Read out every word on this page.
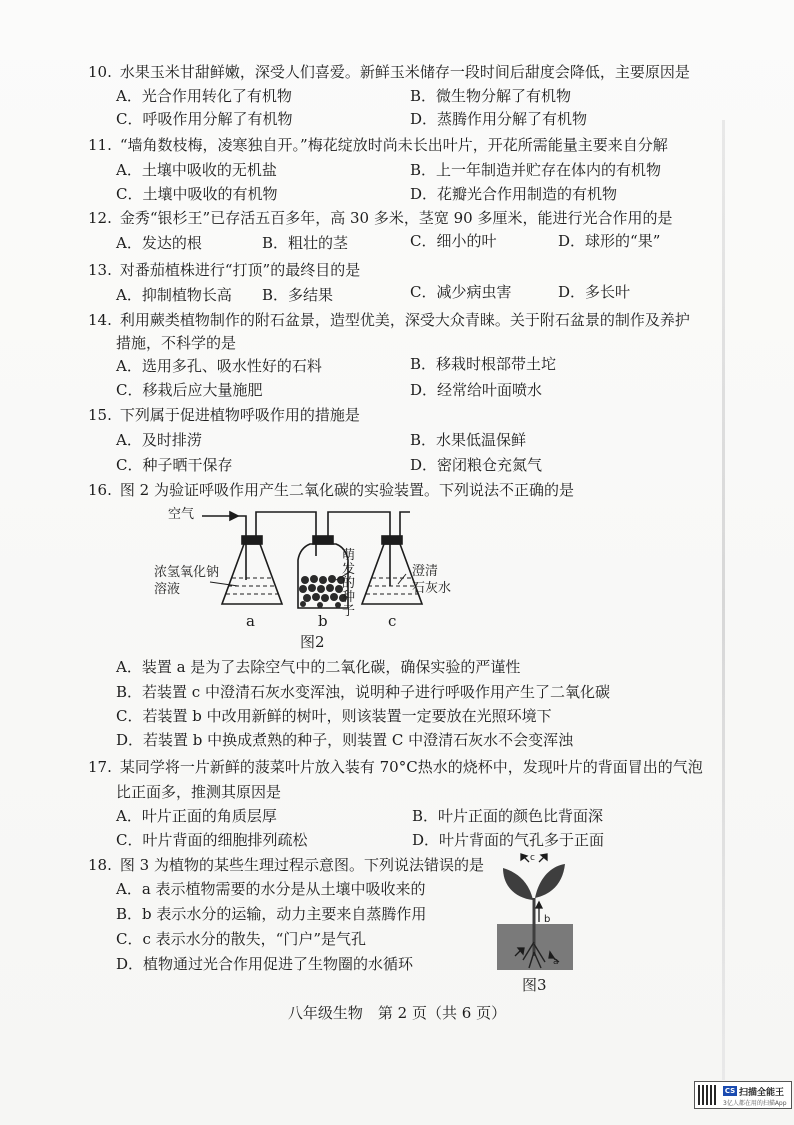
10. 水果玉米甘甜鲜嫩，深受人们喜爱。新鲜玉米储存一段时间后甜度会降低，主要原因是
A．光合作用转化了有机物	B．微生物分解了有机物
C．呼吸作用分解了有机物	D．蒸腾作用分解了有机物
11. “墙角数枝梅，凌寒独自开。”梅花绽放时尚未长出叶片，开花所需能量主要来自分解
A．土壤中吸收的无机盐	B．上一年制造并贮存在体内的有机物
C．土壤中吸收的有机物	D．花瓣光合作用制造的有机物
12. 金秀“银杉王”已存活五百多年，高 30 多米，茎宽 90 多厘米，能进行光合作用的是
A．发达的根	B．粗壮的茎	C．细小的叶	D．球形的“果”
13. 对番茄植株进行“打顶”的最终目的是
A．抑制植物长高 B．多结果	C．减少病虫害	D．多长叶
14. 利用蕨类植物制作的附石盆景，造型优美，深受大众青睐。关于附石盆景的制作及养护
措施，不科学的是
A．选用多孔、吸水性好的石料	B．移栽时根部带土坨
C．移栽后应大量施肥	D．经常给叶面喷水
15. 下列属于促进植物呼吸作用的措施是
A．及时排涝	B．水果低温保鲜
C．种子晒干保存	D．密闭粮仓充氮气
16. 图 2 为验证呼吸作用产生二氧化碳的实验装置。下列说法不正确的是
空气
浓氢氧化钠
溶液
萌
发
的
种
子
澄清
石灰水
a	b	c
图2
A．装置 a 是为了去除空气中的二氧化碳，确保实验的严谨性
B．若装置 c 中澄清石灰水变浑浊，说明种子进行呼吸作用产生了二氧化碳
C．若装置 b 中改用新鲜的树叶，则该装置一定要放在光照环境下
D．若装置 b 中换成煮熟的种子，则装置 C 中澄清石灰水不会变浑浊
17. 某同学将一片新鲜的菠菜叶片放入装有 70°C热水的烧杯中，发现叶片的背面冒出的气泡
比正面多，推测其原因是
A．叶片正面的角质层厚	B．叶片正面的颜色比背面深
C．叶片背面的细胞排列疏松	D．叶片背面的气孔多于正面
18. 图 3 为植物的某些生理过程示意图。下列说法错误的是
A．a 表示植物需要的水分是从土壤中吸收来的
B．b 表示水分的运输，动力主要来自蒸腾作用
C．c 表示水分的散失，“门户”是气孔
D．植物通过光合作用促进了生物圈的水循环
c
b
a
图3
八年级生物　第 2 页（共 6 页）
CS 扫描全能王
3亿人都在用的扫描App
